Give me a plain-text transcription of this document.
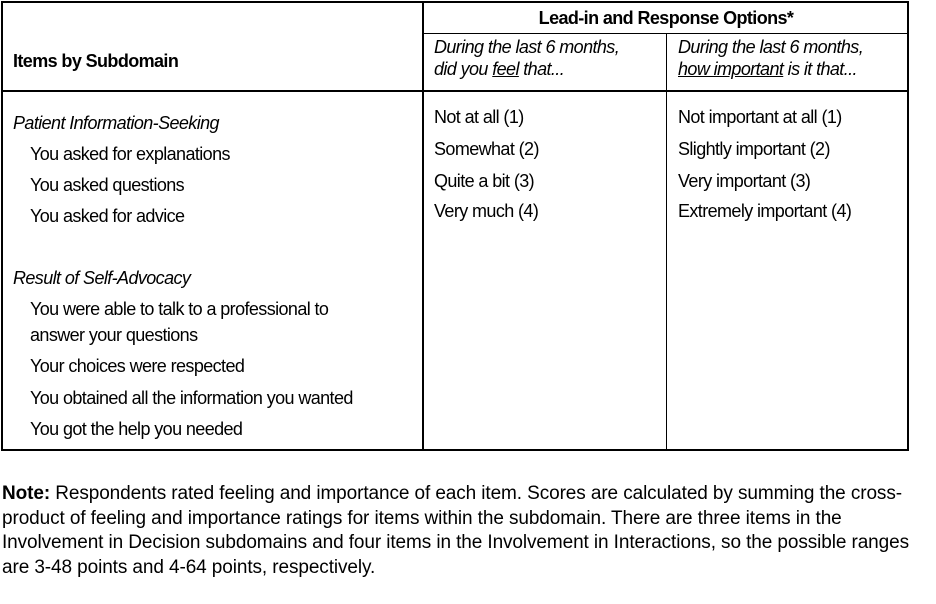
Items by Subdomain
Lead-in and Response Options*
During the last 6 months,
did you feel that...
During the last 6 months,
how important is it that...
Patient Information-Seeking
You asked for explanations
You asked questions
You asked for advice
Result of Self-Advocacy
You were able to talk to a professional to
answer your questions
Your choices were respected
You obtained all the information you wanted
You got the help you needed
Not at all (1)
Somewhat (2)
Quite a bit (3)
Very much (4)
Not important at all (1)
Slightly important (2)
Very important (3)
Extremely important (4)
Note: Respondents rated feeling and importance of each item. Scores are calculated by summing the cross-product of feeling and importance ratings for items within the subdomain. There are three items in the Involvement in Decision subdomains and four items in the Involvement in Interactions, so the possible ranges are 3-48 points and 4-64 points, respectively.
